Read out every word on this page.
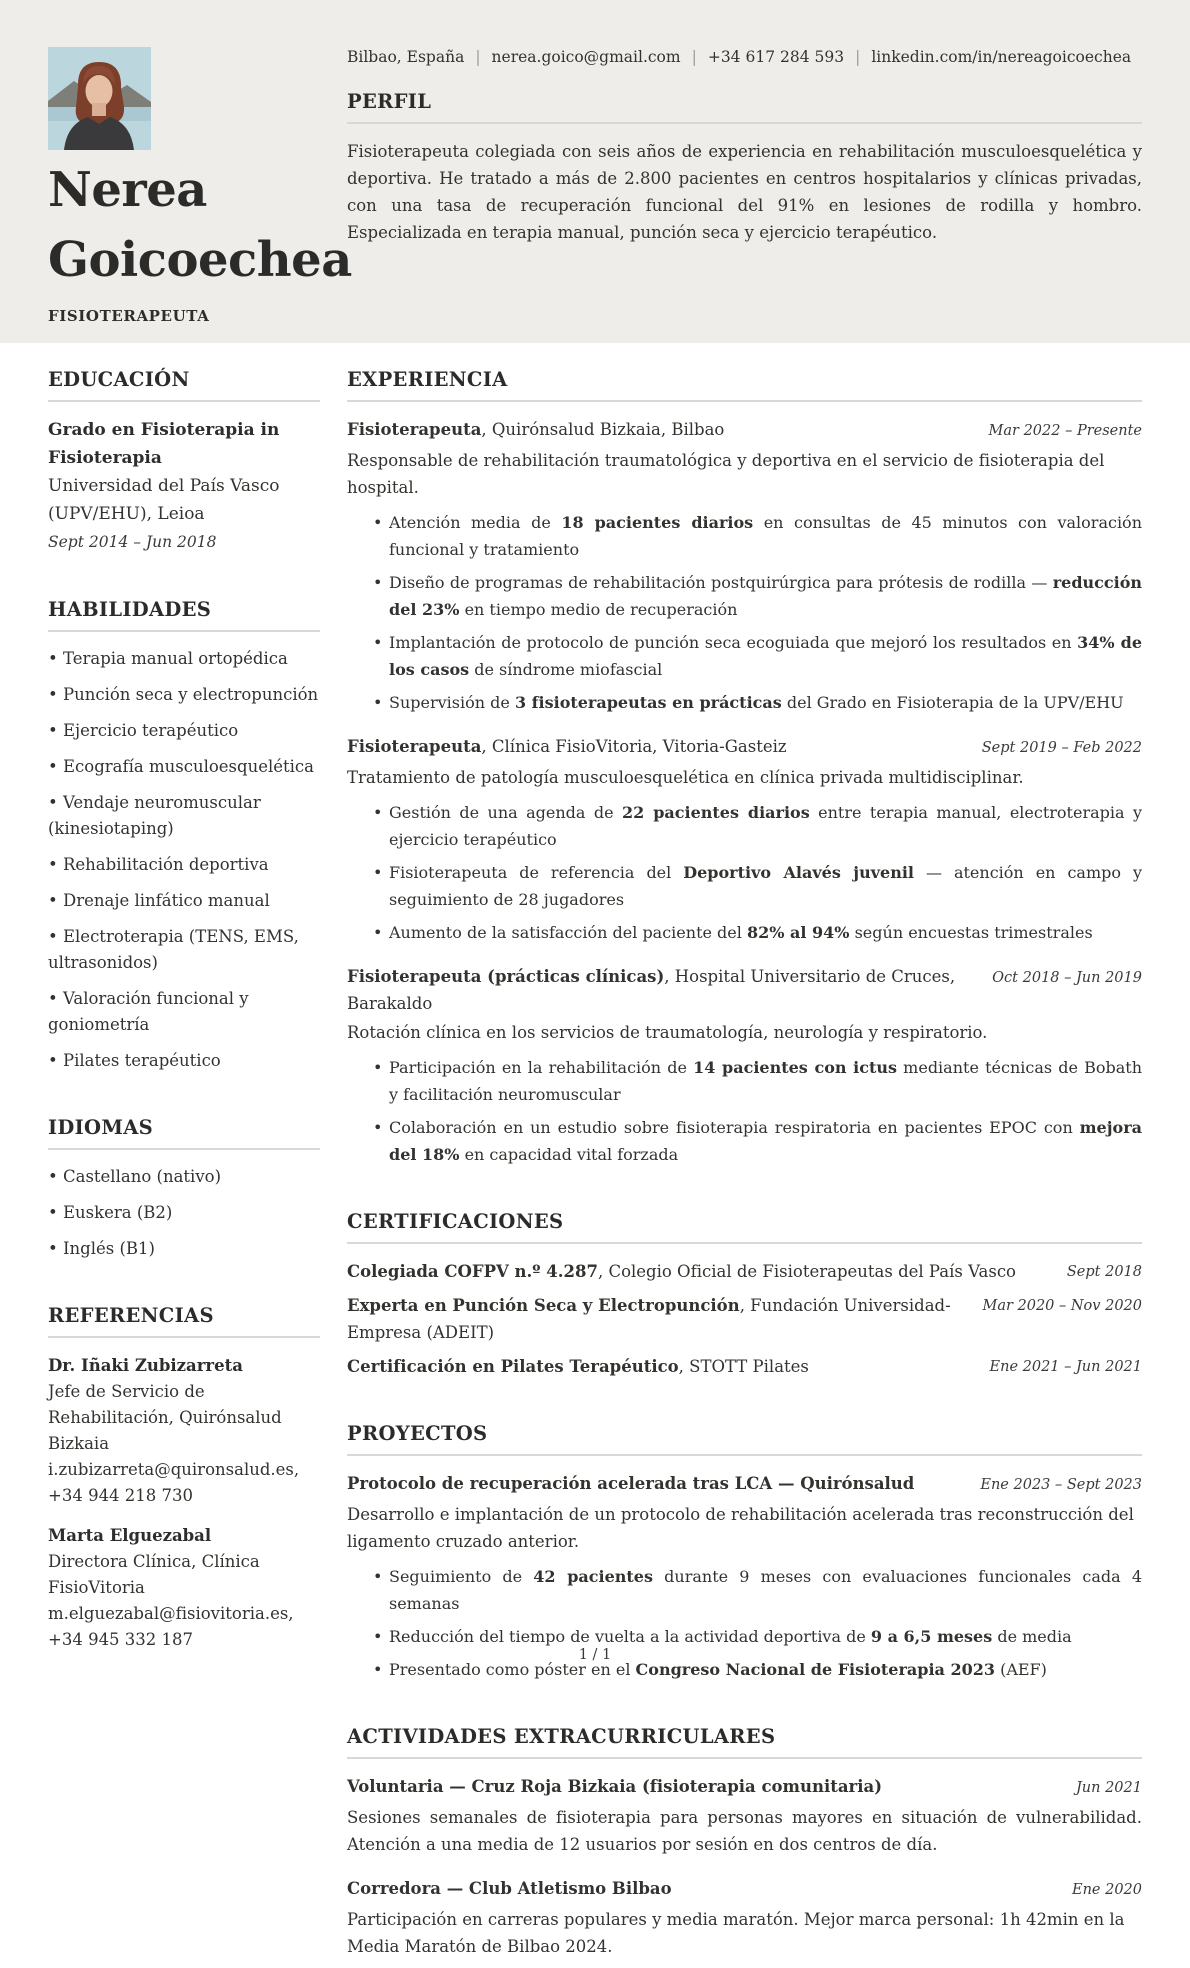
Nerea Goicoechea
FISIOTERAPEUTA
Bilbao, España | nerea.goico@gmail.com | +34 617 284 593 | linkedin.com/in/nereagoicoechea
PERFIL

Fisioterapeuta colegiada con seis años de experiencia en rehabilitación musculoesquelética y deportiva. He tratado a más de 2.800 pacientes en centros hospitalarios y clínicas privadas, con una tasa de recuperación funcional del 91% en lesiones de rodilla y hombro. Especializada en terapia manual, punción seca y ejercicio terapéutico.

EDUCACIÓN
Grado en Fisioterapia in Fisioterapia
Universidad del País Vasco (UPV/EHU), Leioa
Sept 2014 – Jun 2018
HABILIDADES
• Terapia manual ortopédica
• Punción seca y electropunción
• Ejercicio terapéutico
• Ecografía musculoesquelética
• Vendaje neuromuscular (kinesiotaping)
• Rehabilitación deportiva
• Drenaje linfático manual
• Electroterapia (TENS, EMS, ultrasonidos)
• Valoración funcional y goniometría
• Pilates terapéutico
IDIOMAS
• Castellano (nativo)
• Euskera (B2)
• Inglés (B1)
REFERENCIAS
Dr. Iñaki Zubizarreta
Jefe de Servicio de Rehabilitación, Quirónsalud Bizkaia
i.zubizarreta@quironsalud.es, +34 944 218 730
Marta Elguezabal
Directora Clínica, Clínica FisioVitoria
m.elguezabal@fisiovitoria.es, +34 945 332 187
EXPERIENCIA
Fisioterapeuta, Quirónsalud Bizkaia, Bilbao	Mar 2022 – Presente

Responsable de rehabilitación traumatológica y deportiva en el servicio de fisioterapia del hospital.

• Atención media de 18 pacientes diarios en consultas de 45 minutos con valoración funcional y tratamiento
• Diseño de programas de rehabilitación postquirúrgica para prótesis de rodilla — reducción del 23% en tiempo medio de recuperación
• Implantación de protocolo de punción seca ecoguiada que mejoró los resultados en 34% de los casos de síndrome miofascial
• Supervisión de 3 fisioterapeutas en prácticas del Grado en Fisioterapia de la UPV/EHU
Fisioterapeuta, Clínica FisioVitoria, Vitoria-Gasteiz	Sept 2019 – Feb 2022

Tratamiento de patología musculoesquelética en clínica privada multidisciplinar.

• Gestión de una agenda de 22 pacientes diarios entre terapia manual, electroterapia y ejercicio terapéutico
• Fisioterapeuta de referencia del Deportivo Alavés juvenil — atención en campo y seguimiento de 28 jugadores
• Aumento de la satisfacción del paciente del 82% al 94% según encuestas trimestrales
Fisioterapeuta (prácticas clínicas), Hospital Universitario de Cruces, Barakaldo
Oct 2018 – Jun 2019

Rotación clínica en los servicios de traumatología, neurología y respiratorio.

• Participación en la rehabilitación de 14 pacientes con ictus mediante técnicas de Bobath y facilitación neuromuscular
• Colaboración en un estudio sobre fisioterapia respiratoria en pacientes EPOC con mejora del 18% en capacidad vital forzada
CERTIFICACIONES
Colegiada COFPV n.º 4.287, Colegio Oficial de Fisioterapeutas del País Vasco	Sept 2018
Experta en Punción Seca y Electropunción, Fundación Universidad-Empresa (ADEIT)
Mar 2020 – Nov 2020
Certificación en Pilates Terapéutico, STOTT Pilates	Ene 2021 – Jun 2021
PROYECTOS
Protocolo de recuperación acelerada tras LCA — Quirónsalud	Ene 2023 – Sept 2023

Desarrollo e implantación de un protocolo de rehabilitación acelerada tras reconstrucción del ligamento cruzado anterior.

• Seguimiento de 42 pacientes durante 9 meses con evaluaciones funcionales cada 4 semanas
• Reducción del tiempo de vuelta a la actividad deportiva de 9 a 6,5 meses de media
• Presentado como póster en el Congreso Nacional de Fisioterapia 2023 (AEF)
ACTIVIDADES EXTRACURRICULARES
Voluntaria — Cruz Roja Bizkaia (fisioterapia comunitaria)	Jun 2021

Sesiones semanales de fisioterapia para personas mayores en situación de vulnerabilidad. Atención a una media de 12 usuarios por sesión en dos centros de día.

Corredora — Club Atletismo Bilbao	Ene 2020

Participación en carreras populares y media maratón. Mejor marca personal: 1h 42min en la Media Maratón de Bilbao 2024.

1 / 1
